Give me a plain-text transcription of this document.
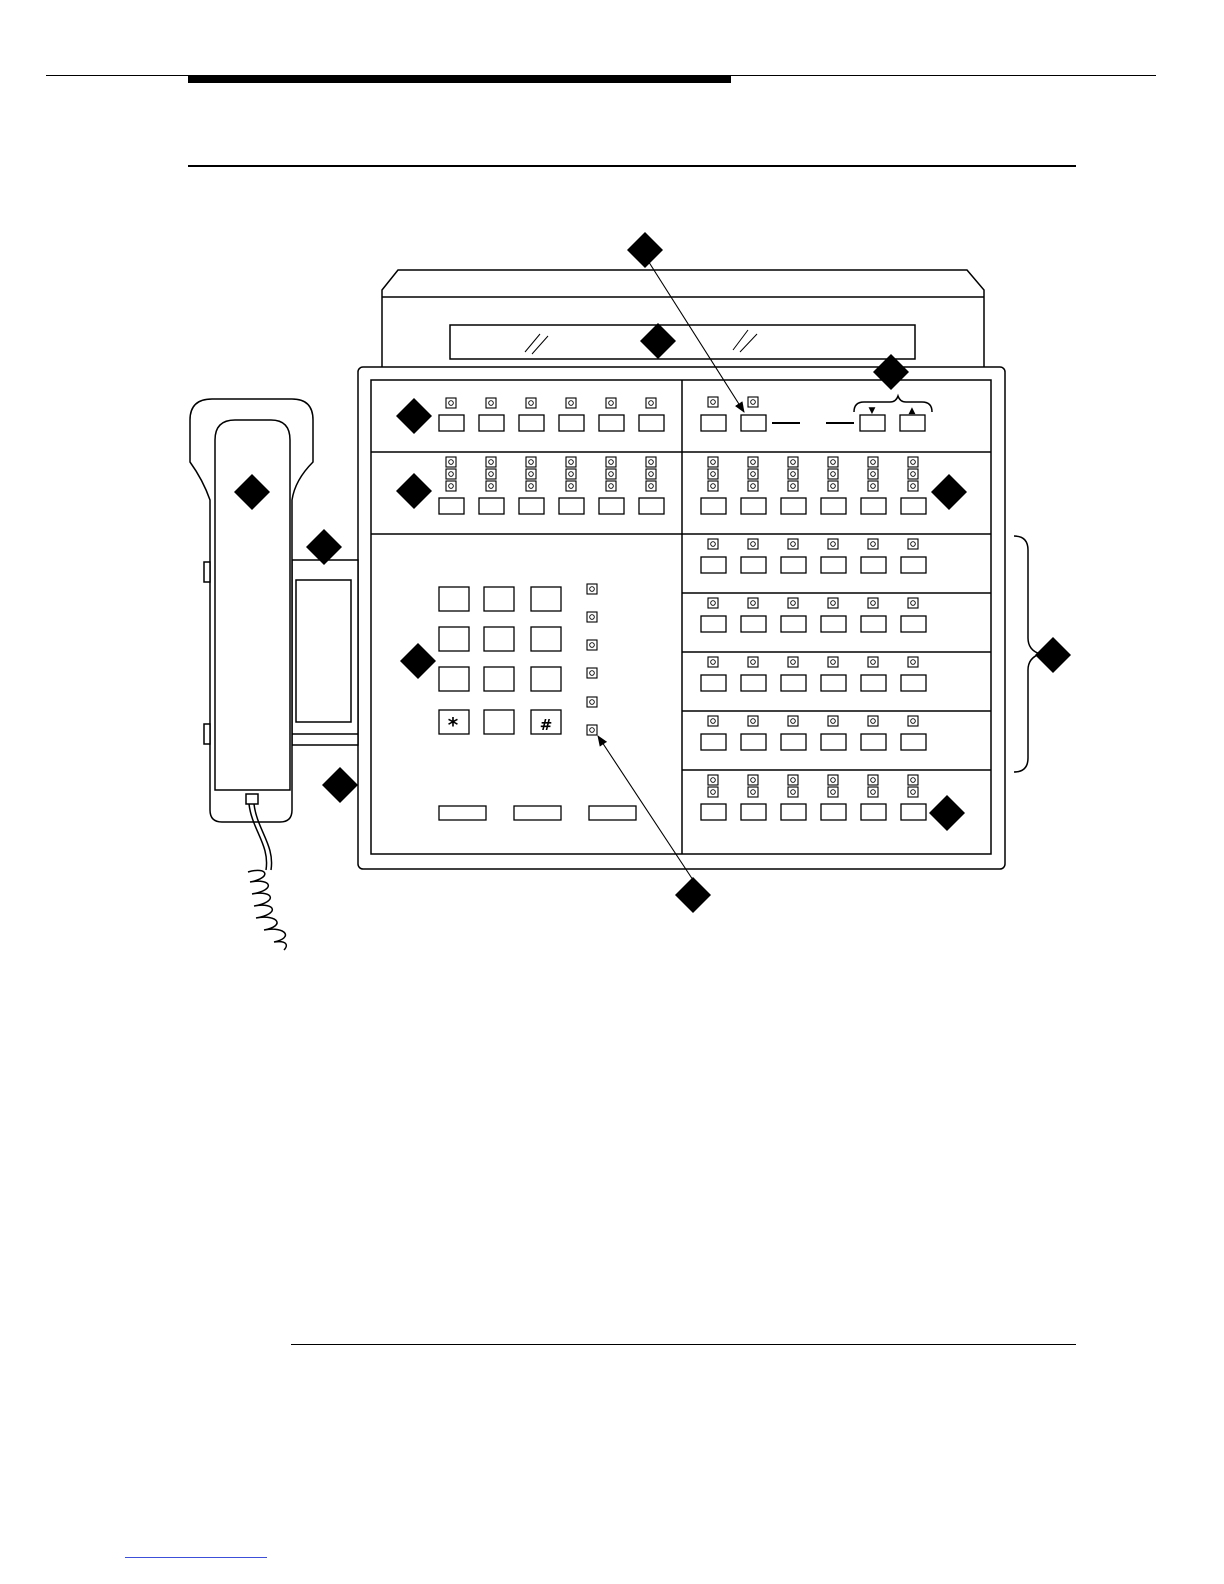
*	#
▼	▲
